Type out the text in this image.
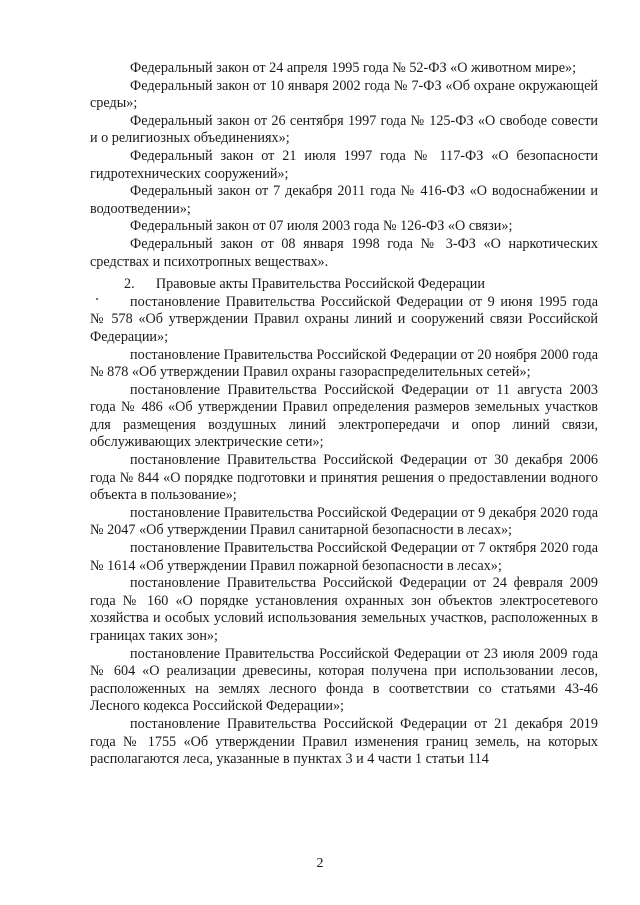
Федеральный закон от 24 апреля 1995 года № 52-ФЗ «О животном мире»;

Федеральный закон от 10 января 2002 года № 7-ФЗ «Об охране окружающей среды»;

Федеральный закон от 26 сентября 1997 года № 125-ФЗ «О свободе совести и о религиозных объединениях»;

Федеральный закон от 21 июля 1997 года № 117-ФЗ «О безопасности гидротехнических сооружений»;

Федеральный закон от 7 декабря 2011 года № 416-ФЗ «О водоснабжении и водоотведении»;

Федеральный закон от 07 июля 2003 года № 126-ФЗ «О связи»;

Федеральный закон от 08 января 1998 года № 3-ФЗ «О наркотических средствах и психотропных веществах».

2. Правовые акты Правительства Российской Федерации

постановление Правительства Российской Федерации от 9 июня 1995 года № 578 «Об утверждении Правил охраны линий и сооружений связи Российской Федерации»;

постановление Правительства Российской Федерации от 20 ноября 2000 года № 878 «Об утверждении Правил охраны газораспределительных сетей»;

постановление Правительства Российской Федерации от 11 августа 2003 года № 486 «Об утверждении Правил определения размеров земельных участков для размещения воздушных линий электропередачи и опор линий связи, обслуживающих электрические сети»;

постановление Правительства Российской Федерации от 30 декабря 2006 года № 844 «О порядке подготовки и принятия решения о предоставлении водного объекта в пользование»;

постановление Правительства Российской Федерации от 9 декабря 2020 года № 2047 «Об утверждении Правил санитарной безопасности в лесах»;

постановление Правительства Российской Федерации от 7 октября 2020 года № 1614 «Об утверждении Правил пожарной безопасности в лесах»;

постановление Правительства Российской Федерации от 24 февраля 2009 года № 160 «О порядке установления охранных зон объектов электросетевого хозяйства и особых условий использования земельных участков, расположенных в границах таких зон»;

постановление Правительства Российской Федерации от 23 июля 2009 года № 604 «О реализации древесины, которая получена при использовании лесов, расположенных на землях лесного фонда в соответствии со статьями 43-46 Лесного кодекса Российской Федерации»;

постановление Правительства Российской Федерации от 21 декабря 2019 года № 1755 «Об утверждении Правил изменения границ земель, на которых располагаются леса, указанные в пунктах 3 и 4 части 1 статьи 114

2
